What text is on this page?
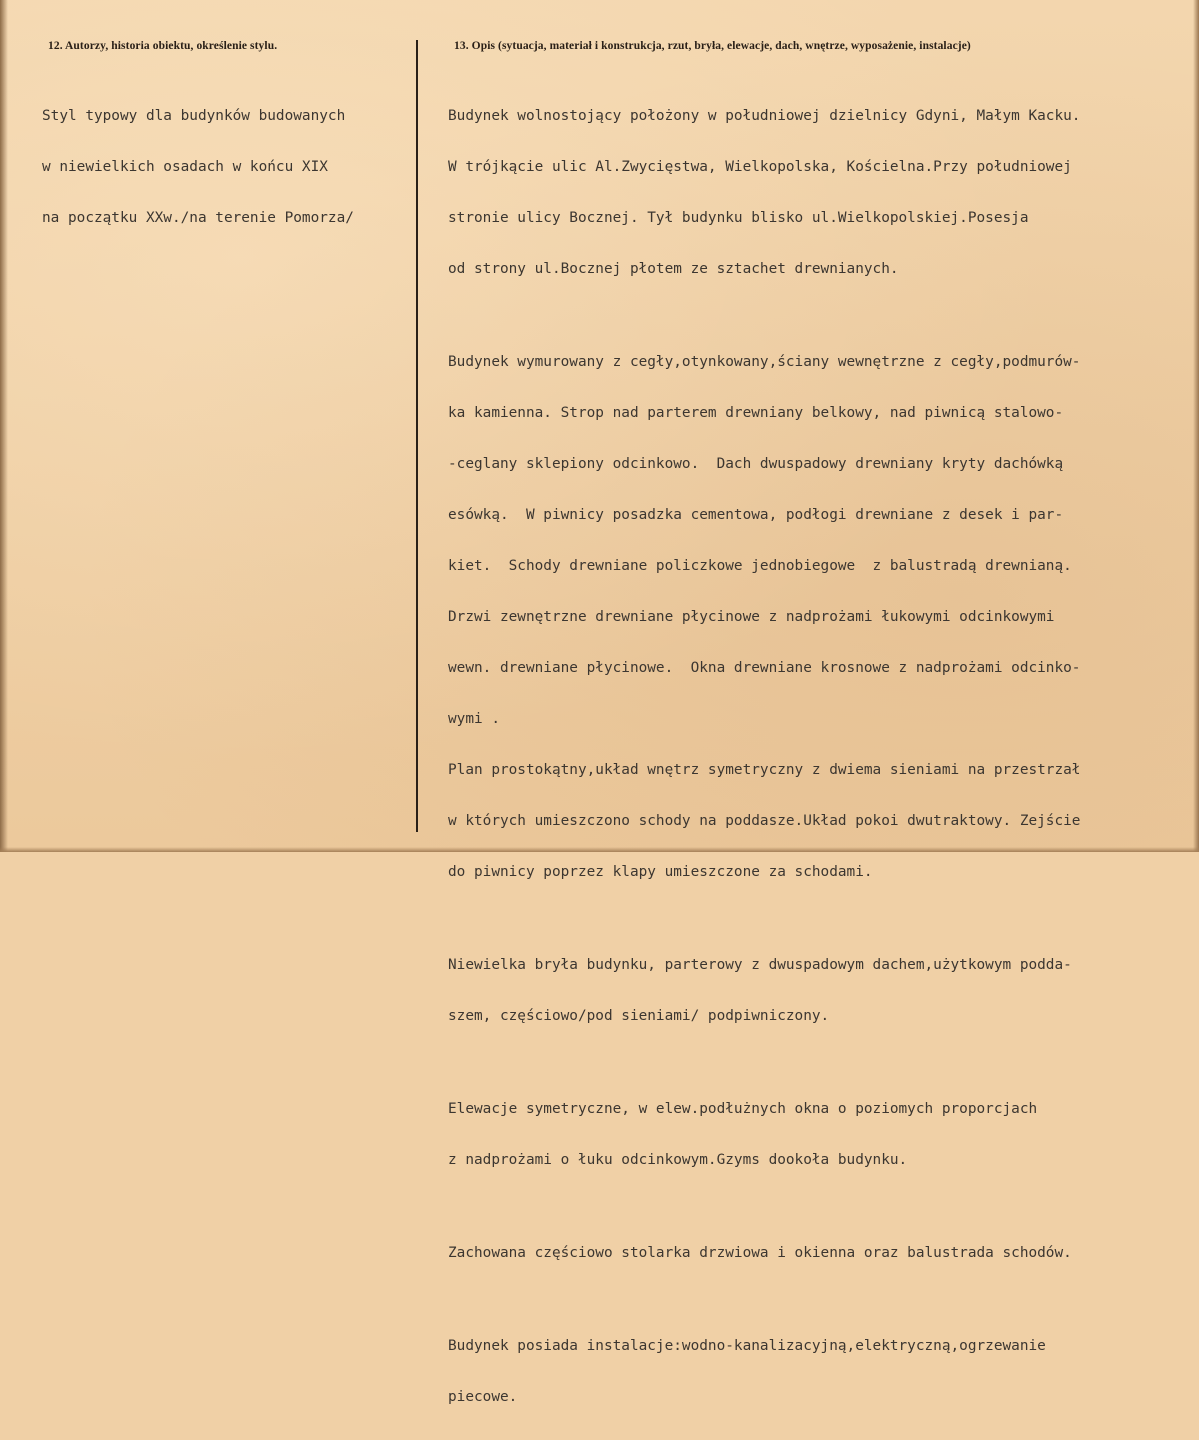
12. Autorzy, historia obiektu, określenie stylu.	13. Opis (sytuacja, materiał i konstrukcja, rzut, bryła, elewacje, dach, wnętrze, wyposażenie, instalacje)

Styl typowy dla budynków budowanych

w niewielkich osadach w końcu XIX

na początku XXw./na terenie Pomorza/

Budynek wolnostojący położony w południowej dzielnicy Gdyni, Małym Kacku.

W trójkącie ulic Al.Zwycięstwa, Wielkopolska, Kościelna.Przy południowej

stronie ulicy Bocznej. Tył budynku blisko ul.Wielkopolskiej.Posesja

od strony ul.Bocznej płotem ze sztachet drewnianych.

Budynek wymurowany z cegły,otynkowany,ściany wewnętrzne z cegły,podmurów-

ka kamienna. Strop nad parterem drewniany belkowy, nad piwnicą stalowo-

-ceglany sklepiony odcinkowo.  Dach dwuspadowy drewniany kryty dachówką

esówką.  W piwnicy posadzka cementowa, podłogi drewniane z desek i par-

kiet.  Schody drewniane policzkowe jednobiegowe  z balustradą drewnianą.

Drzwi zewnętrzne drewniane płycinowe z nadprożami łukowymi odcinkowymi

wewn. drewniane płycinowe.  Okna drewniane krosnowe z nadprożami odcinko-

wymi .

Plan prostokątny,układ wnętrz symetryczny z dwiema sieniami na przestrzał

w których umieszczono schody na poddasze.Układ pokoi dwutraktowy. Zejście

do piwnicy poprzez klapy umieszczone za schodami.

Niewielka bryła budynku, parterowy z dwuspadowym dachem,użytkowym podda-

szem, częściowo/pod sieniami/ podpiwniczony.

Elewacje symetryczne, w elew.podłużnych okna o poziomych proporcjach

z nadprożami o łuku odcinkowym.Gzyms dookoła budynku.

Zachowana częściowo stolarka drzwiowa i okienna oraz balustrada schodów.

Budynek posiada instalacje:wodno-kanalizacyjną,elektryczną,ogrzewanie

piecowe.
